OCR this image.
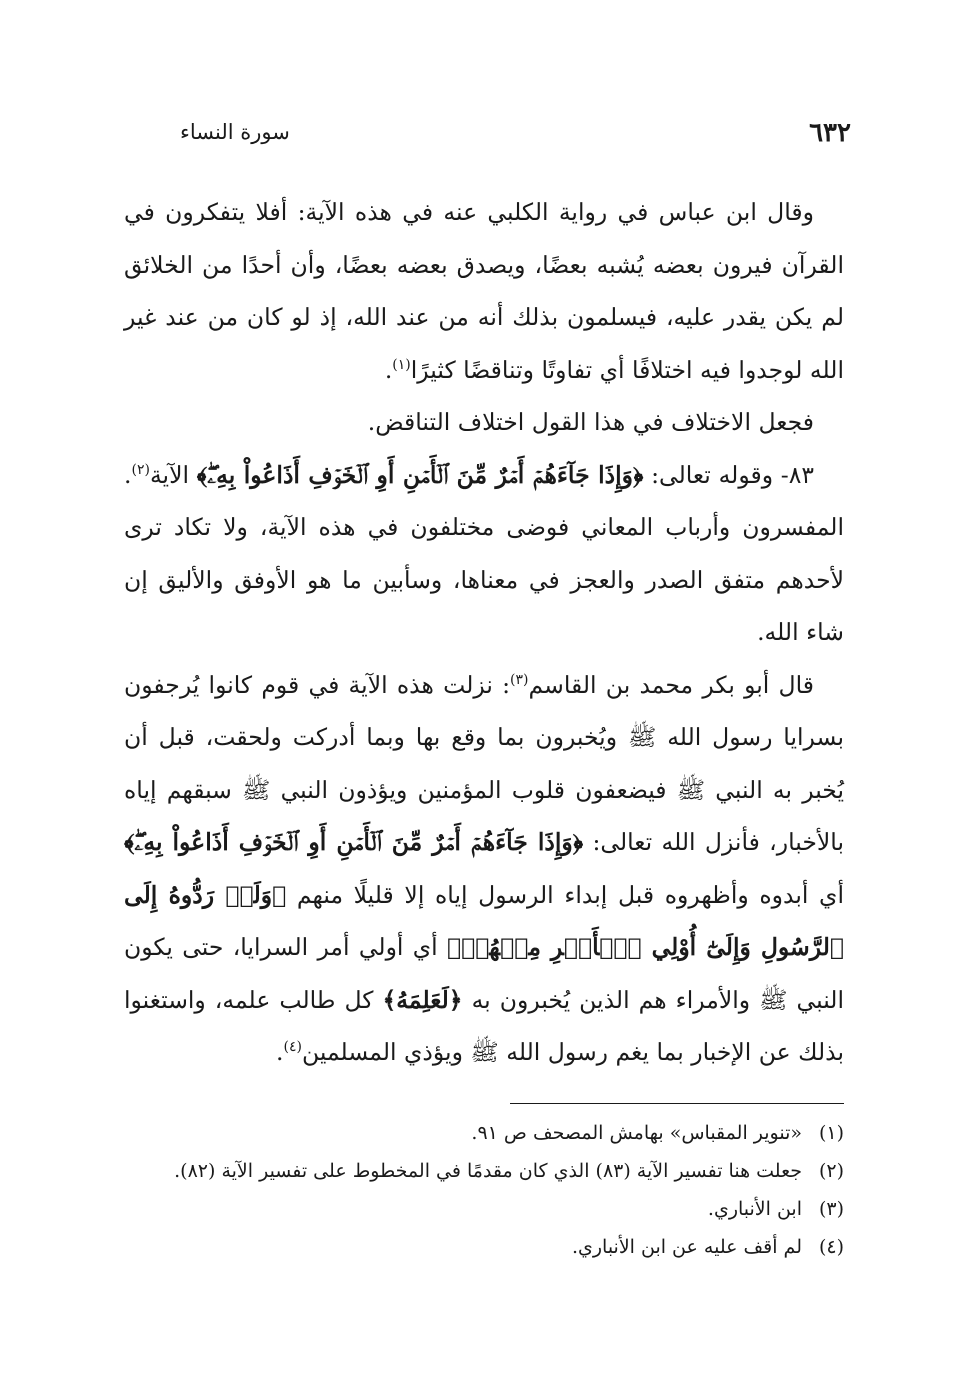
٦٣٢
سورة النساء

وقال ابن عباس في رواية الكلبي عنه في هذه الآية: أفلا يتفكرون في القرآن فيرون بعضه يُشبه بعضًا، ويصدق بعضه بعضًا، وأن أحدًا من الخلائق لم يكن يقدر عليه، فيسلمون بذلك أنه من عند الله، إذ لو كان من عند غير الله لوجدوا فيه اختلافًا أي تفاوتًا وتناقضًا كثيرًا$^{(١)}$.

فجعل الاختلاف في هذا القول اختلاف التناقض.

٨٣- وقوله تعالى: ﴿وَإِذَا جَآءَهُمۡ أَمۡرٌ مِّنَ ٱلۡأَمۡنِ أَوِ ٱلۡخَوۡفِ أَذَاعُواْ بِهِۦۖ﴾ الآية$^{(٢)}$. المفسرون وأرباب المعاني فوضى مختلفون في هذه الآية، ولا تكاد ترى لأحدهم متفق الصدر والعجز في معناها، وسأبين ما هو الأوفق والأليق إن شاء الله.

قال أبو بكر محمد بن القاسم$^{(٣)}$: نزلت هذه الآية في قوم كانوا يُرجفون بسرايا رسول الله ﷺ ويُخبرون بما وقع بها وبما أدركت ولحقت، قبل أن يُخبر به النبي ﷺ فيضعفون قلوب المؤمنين ويؤذون النبي ﷺ سبقهم إياه بالأخبار، فأنزل الله تعالى: ﴿وَإِذَا جَآءَهُمۡ أَمۡرٌ مِّنَ ٱلۡأَمۡنِ أَوِ ٱلۡخَوۡفِ أَذَاعُواْ بِهِۦۖ﴾ أي أبدوه وأظهروه قبل إبداء الرسول إياه إلا قليلًا منهم ﴿وَلَوۡ رَدُّوهُ إِلَى ٱلرَّسُولِ وَإِلَىٰٓ أُوْلِي ٱلۡأَمۡرِ مِنۡهُمۡ﴾ أي أولي أمر السرايا، حتى يكون النبي ﷺ والأمراء هم الذين يُخبرون به ﴿لَعَلِمَهُ﴾ كل طالب علمه، واستغنوا بذلك عن الإخبار بما يغم رسول الله ﷺ ويؤذي المسلمين$^{(٤)}$.

(١)«تنوير المقباس» بهامش المصحف ص ٩١.
(٢)جعلت هنا تفسير الآية (٨٣) الذي كان مقدمًا في المخطوط على تفسير الآية (٨٢).
(٣)ابن الأنباري.
(٤)لم أقف عليه عن ابن الأنباري.
